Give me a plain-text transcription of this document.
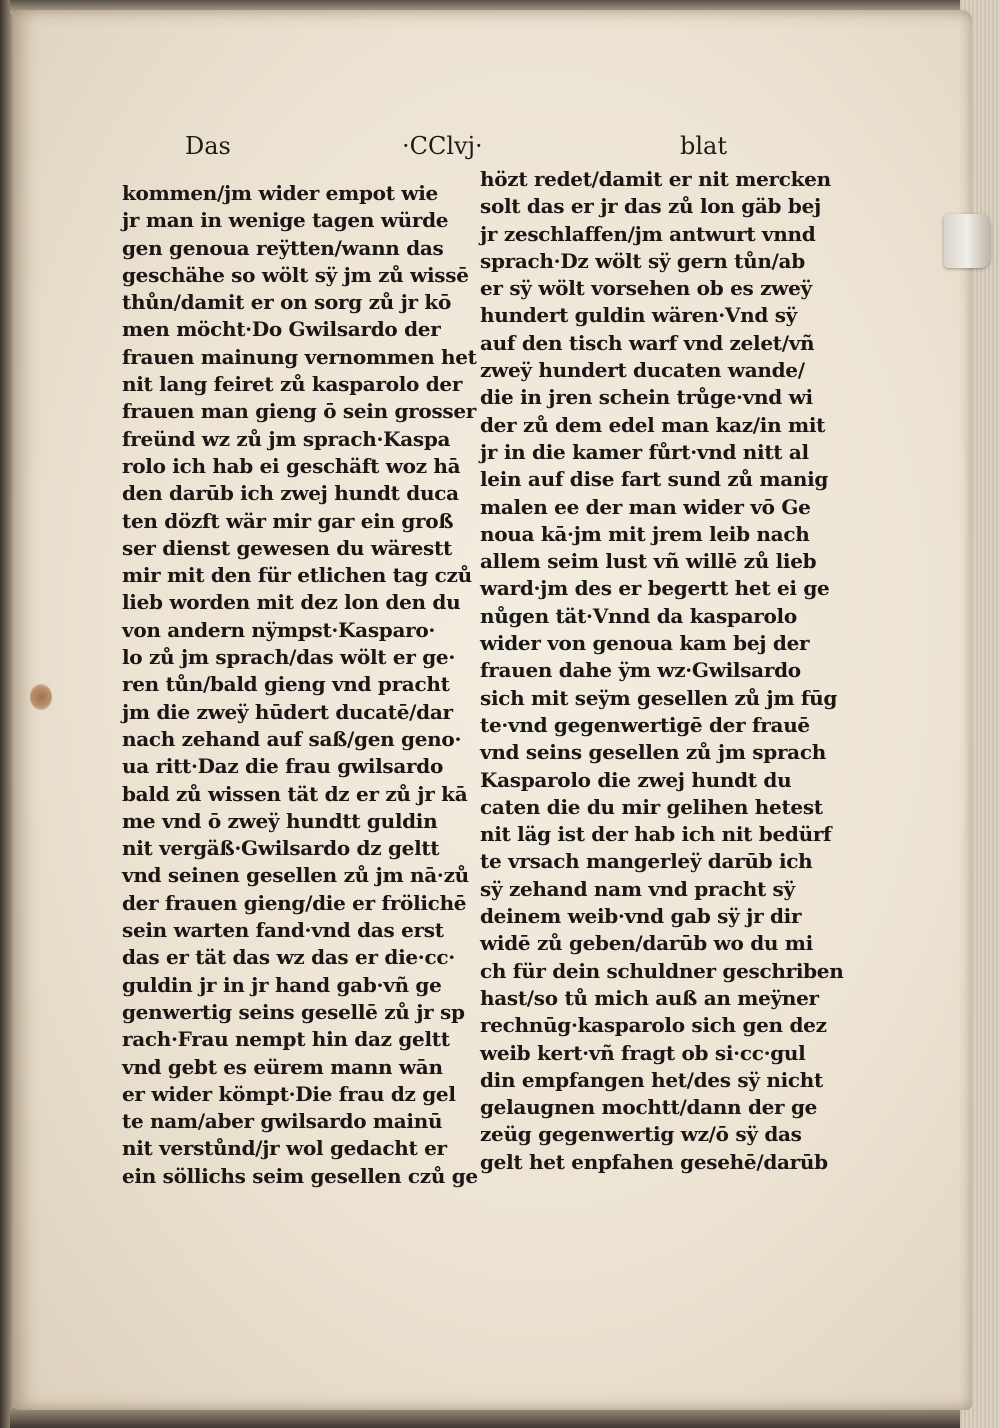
Das	·CClvj·	blat
kommen/jm wider empot wie
jr man in wenige tagen würde
gen genoua reÿtten/wann das
geschähe so wölt sÿ jm zů wissē
thůn/damit er on sorg zů jr kō
men möcht·Do Gwilsardo der
frauen mainung vernommen het
nit lang feiret zů kasparolo der
frauen man gieng ō sein grosser
freünd wz zů jm sprach·Kaspa
rolo ich hab ei geschäft woz hā
den darūb ich zwej hundt duca
ten dözft wär mir gar ein groß
ser dienst gewesen du wärestt
mir mit den für etlichen tag czů
lieb worden mit dez lon den du
von andern nÿmpst·Kasparo·
lo zů jm sprach/das wölt er ge·
ren tůn/bald gieng vnd pracht
jm die zweÿ hūdert ducatē/dar
nach zehand auf saß/gen geno·
ua ritt·Daz die frau gwilsardo
bald zů wissen tät dz er zů jr kā
me vnd ō zweÿ hundtt guldin
nit vergäß·Gwilsardo dz geltt
vnd seinen gesellen zů jm nā·zů
der frauen gieng/die er frölichē
sein warten fand·vnd das erst
das er tät das wz das er die·cc·
guldin jr in jr hand gab·vñ ge
genwertig seins gesellē zů jr sp
rach·Frau nempt hin daz geltt
vnd gebt es eürem mann wān
er wider kömpt·Die frau dz gel
te nam/aber gwilsardo mainū
nit verstůnd/jr wol gedacht er
ein söllichs seim gesellen czů ge
hözt redet/damit er nit mercken
solt das er jr das zů lon gäb bej
jr zeschlaffen/jm antwurt vnnd
sprach·Dz wölt sÿ gern tůn/ab
er sÿ wölt vorsehen ob es zweÿ
hundert guldin wären·Vnd sÿ
auf den tisch warf vnd zelet/vñ
zweÿ hundert ducaten wande/
die in jren schein trůge·vnd wi
der zů dem edel man kaz/in mit
jr in die kamer fůrt·vnd nitt al
lein auf dise fart sund zů manig
malen ee der man wider vō Ge
noua kā·jm mit jrem leib nach
allem seim lust vñ willē zů lieb
ward·jm des er begertt het ei ge
nůgen tät·Vnnd da kasparolo
wider von genoua kam bej der
frauen dahe ÿm wz·Gwilsardo
sich mit seÿm gesellen zů jm fūg
te·vnd gegenwertigē der frauē
vnd seins gesellen zů jm sprach
Kasparolo die zwej hundt du
caten die du mir gelihen hetest
nit läg ist der hab ich nit bedürf
te vrsach mangerleÿ darūb ich
sÿ zehand nam vnd pracht sÿ
deinem weib·vnd gab sÿ jr dir
widē zů geben/darūb wo du mi
ch für dein schuldner geschriben
hast/so tů mich auß an meÿner
rechnūg·kasparolo sich gen dez
weib kert·vñ fragt ob si·cc·gul
din empfangen het/des sÿ nicht
gelaugnen mochtt/dann der ge
zeüg gegenwertig wz/ō sÿ das
gelt het enpfahen gesehē/darūb
